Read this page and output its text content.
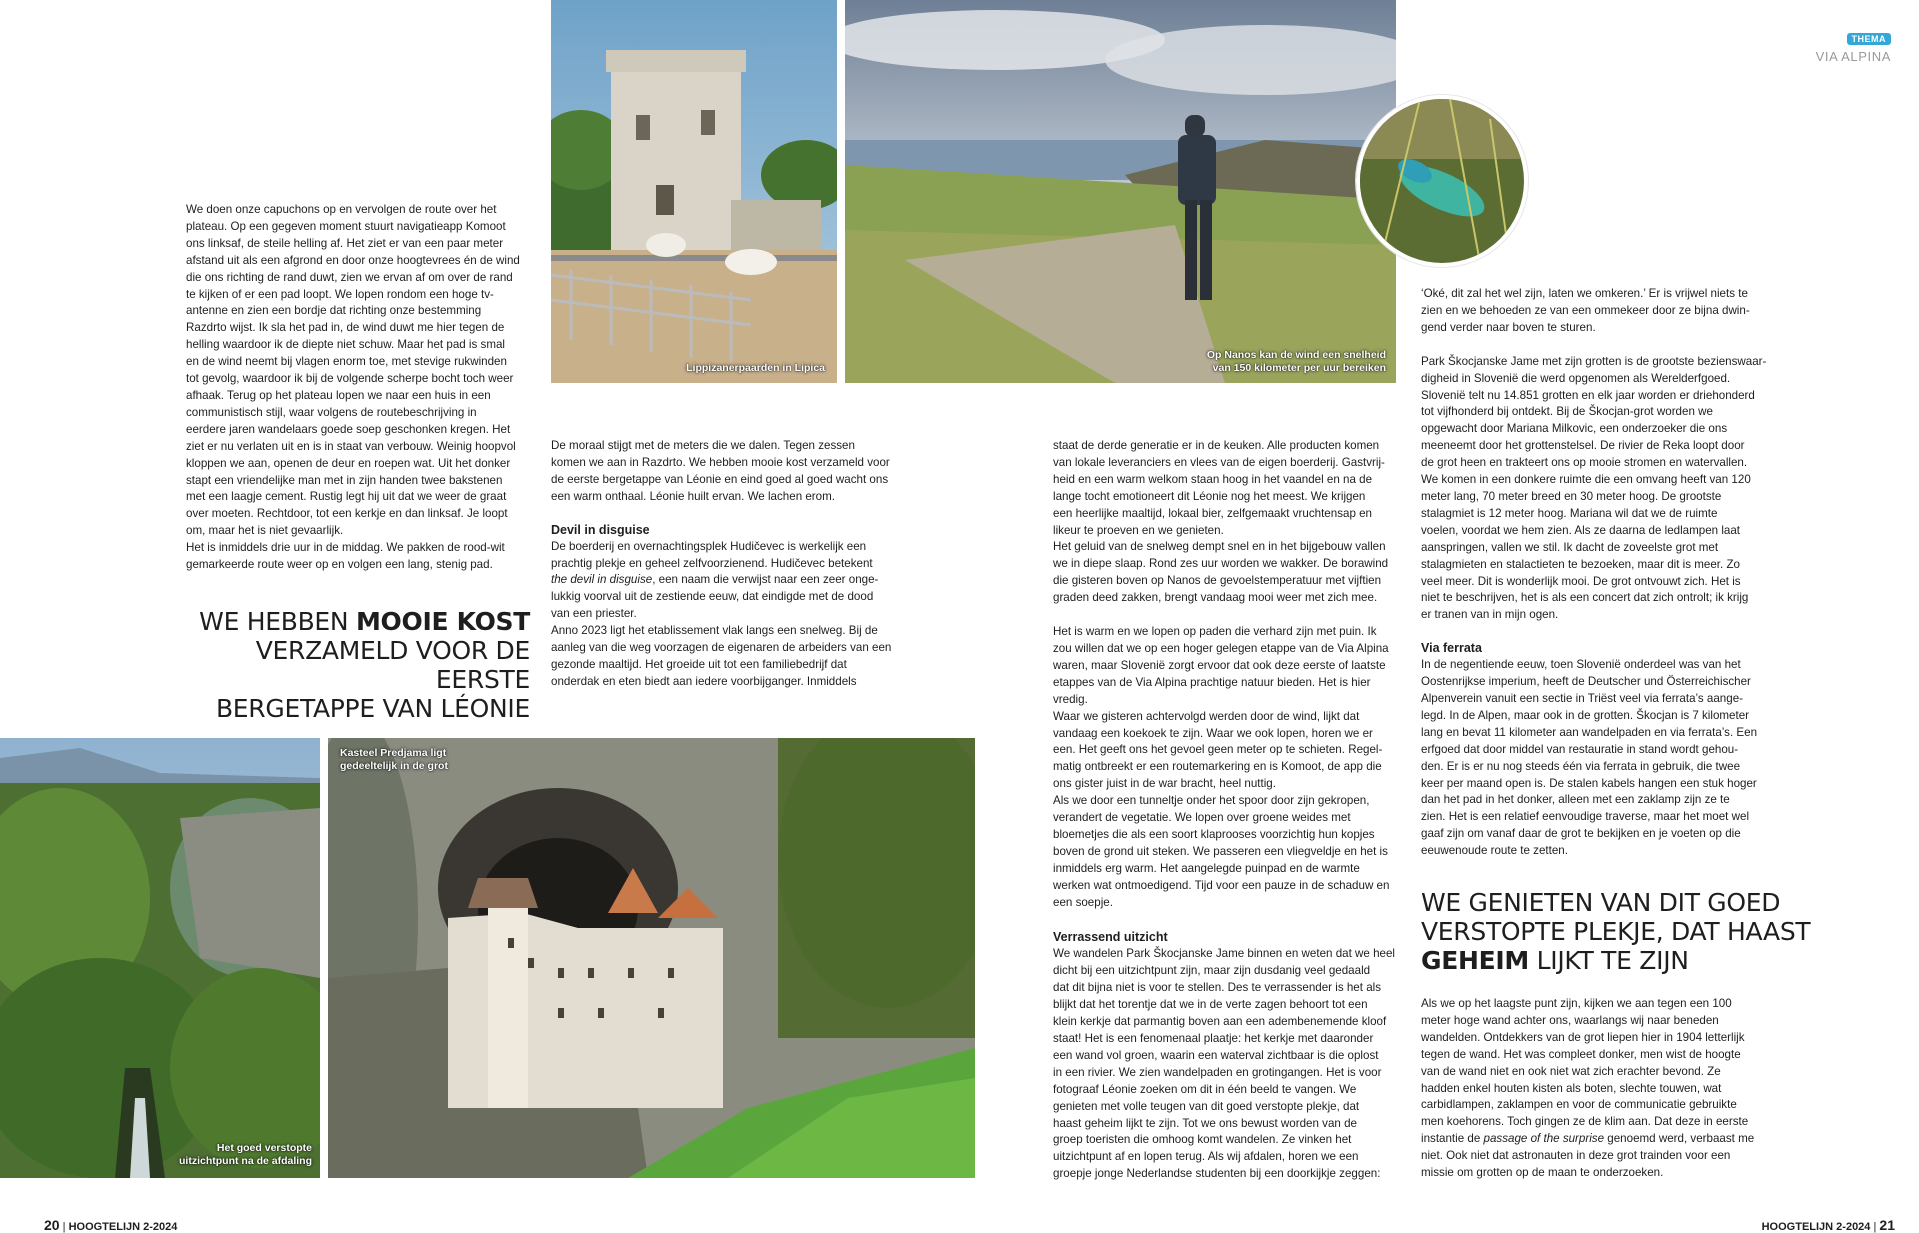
THEMA
VIA ALPINA
Lippizanerpaarden in Lipica
Op Nanos kan de wind een snelheid
van 150 kilometer per uur bereiken
Het goed verstopte
uitzichtpunt na de afdaling
Kasteel Predjama ligt
gedeeltelijk in de grot

We doen onze capuchons op en vervolgen de route over het
plateau. Op een gegeven moment stuurt navigatieapp Komoot
ons linksaf, de steile helling af. Het ziet er van een paar meter
afstand uit als een afgrond en door onze hoogtevrees én de wind
die ons richting de rand duwt, zien we ervan af om over de rand
te kijken of er een pad loopt. We lopen rondom een hoge tv-
antenne en zien een bordje dat richting onze bestemming
Razdrto wijst. Ik sla het pad in, de wind duwt me hier tegen de
helling waardoor ik de diepte niet schuw. Maar het pad is smal
en de wind neemt bij vlagen enorm toe, met stevige rukwinden
tot gevolg, waardoor ik bij de volgende scherpe bocht toch weer
afhaak. Terug op het plateau lopen we naar een huis in een
communistisch stijl, waar volgens de routebeschrijving in
eerdere jaren wandelaars goede soep geschonken kregen. Het
ziet er nu verlaten uit en is in staat van verbouw. Weinig hoopvol
kloppen we aan, openen de deur en roepen wat. Uit het donker
stapt een vriendelijke man met in zijn handen twee bakstenen
met een laagje cement. Rustig legt hij uit dat we weer de graat
over moeten. Rechtdoor, tot een kerkje en dan linksaf. Je loopt
om, maar het is niet gevaarlijk.

Het is inmiddels drie uur in de middag. We pakken de rood-wit
gemarkeerde route weer op en volgen een lang, stenig pad.

WE HEBBEN MOOIE KOST
VERZAMELD VOOR DE EERSTE
BERGETAPPE VAN LÉONIE

De moraal stijgt met de meters die we dalen. Tegen zessen
komen we aan in Razdrto. We hebben mooie kost verzameld voor
de eerste bergetappe van Léonie en eind goed al goed wacht ons
een warm onthaal. Léonie huilt ervan. We lachen erom.

Devil in disguise

De boerderij en overnachtingsplek Hudičevec is werkelijk een
prachtig plekje en geheel zelfvoorzienend. Hudičevec betekent
the devil in disguise, een naam die verwijst naar een zeer onge-
lukkig voorval uit de zestiende eeuw, dat eindigde met de dood
van een priester.

Anno 2023 ligt het etablissement vlak langs een snelweg. Bij de
aanleg van die weg voorzagen de eigenaren de arbeiders van een
gezonde maaltijd. Het groeide uit tot een familiebedrijf dat
onderdak en eten biedt aan iedere voorbijganger. Inmiddels

staat de derde generatie er in de keuken. Alle producten komen
van lokale leveranciers en vlees van de eigen boerderij. Gastvrij-
heid en een warm welkom staan hoog in het vaandel en na de
lange tocht emotioneert dit Léonie nog het meest. We krijgen
een heerlijke maaltijd, lokaal bier, zelfgemaakt vruchtensap en
likeur te proeven en we genieten.

Het geluid van de snelweg dempt snel en in het bijgebouw vallen
we in diepe slaap. Rond zes uur worden we wakker. De borawind
die gisteren boven op Nanos de gevoelstemperatuur met vijftien
graden deed zakken, brengt vandaag mooi weer met zich mee.

Het is warm en we lopen op paden die verhard zijn met puin. Ik
zou willen dat we op een hoger gelegen etappe van de Via Alpina
waren, maar Slovenië zorgt ervoor dat ook deze eerste of laatste
etappes van de Via Alpina prachtige natuur bieden. Het is hier
vredig.

Waar we gisteren achtervolgd werden door de wind, lijkt dat
vandaag een koekoek te zijn. Waar we ook lopen, horen we er
een. Het geeft ons het gevoel geen meter op te schieten. Regel-
matig ontbreekt er een routemarkering en is Komoot, de app die
ons gister juist in de war bracht, heel nuttig.

Als we door een tunneltje onder het spoor door zijn gekropen,
verandert de vegetatie. We lopen over groene weides met
bloemetjes die als een soort klaprooses voorzichtig hun kopjes
boven de grond uit steken. We passeren een vliegveldje en het is
inmiddels erg warm. Het aangelegde puinpad en de warmte
werken wat ontmoedigend. Tijd voor een pauze in de schaduw en
een soepje.

Verrassend uitzicht

We wandelen Park Škocjanske Jame binnen en weten dat we heel
dicht bij een uitzichtpunt zijn, maar zijn dusdanig veel gedaald
dat dit bijna niet is voor te stellen. Des te verrassender is het als
blijkt dat het torentje dat we in de verte zagen behoort tot een
klein kerkje dat parmantig boven aan een adembenemende kloof
staat! Het is een fenomenaal plaatje: het kerkje met daaronder
een wand vol groen, waarin een waterval zichtbaar is die oplost
in een rivier. We zien wandelpaden en grotingangen. Het is voor
fotograaf Léonie zoeken om dit in één beeld te vangen. We
genieten met volle teugen van dit goed verstopte plekje, dat
haast geheim lijkt te zijn. Tot we ons bewust worden van de
groep toeristen die omhoog komt wandelen. Ze vinken het
uitzichtpunt af en lopen terug. Als wij afdalen, horen we een
groepje jonge Nederlandse studenten bij een doorkijkje zeggen:

‘Oké, dit zal het wel zijn, laten we omkeren.’ Er is vrijwel niets te
zien en we behoeden ze van een ommekeer door ze bijna dwin-
gend verder naar boven te sturen.

Park Škocjanske Jame met zijn grotten is de grootste bezienswaar-
digheid in Slovenië die werd opgenomen als Werelderfgoed.
Slovenië telt nu 14.851 grotten en elk jaar worden er driehonderd
tot vijfhonderd bij ontdekt. Bij de Škocjan-grot worden we
opgewacht door Mariana Milkovic, een onderzoeker die ons
meeneemt door het grottenstelsel. De rivier de Reka loopt door
de grot heen en trakteert ons op mooie stromen en watervallen.
We komen in een donkere ruimte die een omvang heeft van 120
meter lang, 70 meter breed en 30 meter hoog. De grootste
stalagmiet is 12 meter hoog. Mariana wil dat we de ruimte
voelen, voordat we hem zien. Als ze daarna de ledlampen laat
aanspringen, vallen we stil. Ik dacht de zoveelste grot met
stalagmieten en stalactieten te bezoeken, maar dit is meer. Zo
veel meer. Dit is wonderlijk mooi. De grot ontvouwt zich. Het is
niet te beschrijven, het is als een concert dat zich ontrolt; ik krijg
er tranen van in mijn ogen.

Via ferrata

In de negentiende eeuw, toen Slovenië onderdeel was van het
Oostenrijkse imperium, heeft de Deutscher und Österreichischer
Alpenverein vanuit een sectie in Triëst veel via ferrata’s aange-
legd. In de Alpen, maar ook in de grotten. Škocjan is 7 kilometer
lang en bevat 11 kilometer aan wandelpaden en via ferrata’s. Een
erfgoed dat door middel van restauratie in stand wordt gehou-
den. Er is er nu nog steeds één via ferrata in gebruik, die twee
keer per maand open is. De stalen kabels hangen een stuk hoger
dan het pad in het donker, alleen met een zaklamp zijn ze te
zien. Het is een relatief eenvoudige traverse, maar het moet wel
gaaf zijn om vanaf daar de grot te bekijken en je voeten op die
eeuwenoude route te zetten.

WE GENIETEN VAN DIT GOED
VERSTOPTE PLEKJE, DAT HAAST
GEHEIM LIJKT TE ZIJN

Als we op het laagste punt zijn, kijken we aan tegen een 100
meter hoge wand achter ons, waarlangs wij naar beneden
wandelden. Ontdekkers van de grot liepen hier in 1904 letterlijk
tegen de wand. Het was compleet donker, men wist de hoogte
van de wand niet en ook niet wat zich erachter bevond. Ze
hadden enkel houten kisten als boten, slechte touwen, wat
carbidlampen, zaklampen en voor de communicatie gebruikte
men koehorens. Toch gingen ze de klim aan. Dat deze in eerste
instantie de passage of the surprise genoemd werd, verbaast me
niet. Ook niet dat astronauten in deze grot trainden voor een
missie om grotten op de maan te onderzoeken.

20 | HOOGTELIJN 2-2024	HOOGTELIJN 2-2024 | 21
